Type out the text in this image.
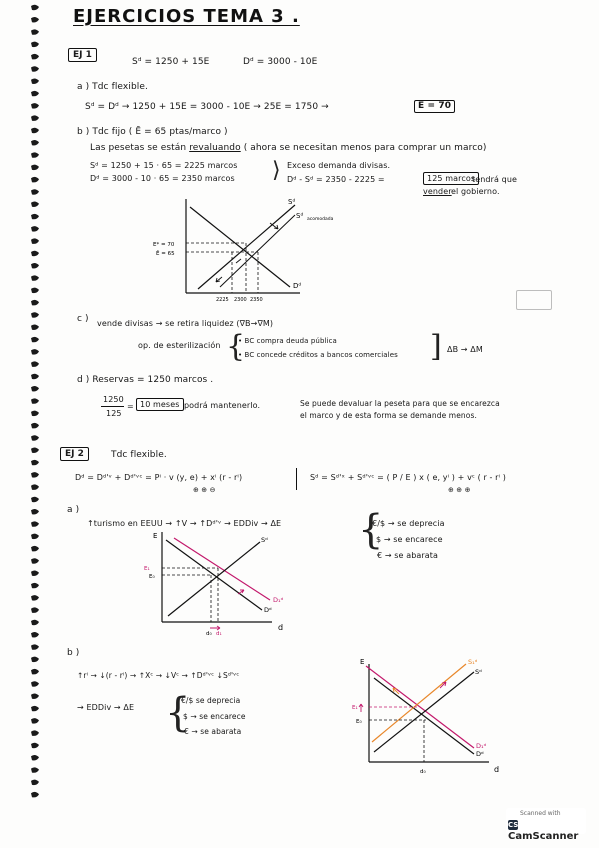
EJERCICIOS TEMA 3 .
EJ 1
Sᵈ = 1250 + 15E	Dᵈ = 3000 - 10E
a ) Tdc flexible.
Sᵈ = Dᵈ → 1250 + 15E = 3000 - 10E → 25E = 1750 →	E = 70
b ) Tdc fijo ( Ē = 65 ptas/marco )
Las pesetas se están revaluando ( ahora se necesitan menos para comprar un marco)
Sᵈ = 1250 + 15 · 65 = 2225 marcos
Dᵈ = 3000 - 10 · 65 = 2350 marcos ⟩ Exceso demanda divisas.
Dᵈ - Sᵈ = 2350 - 2225 =	125 marcos
tendrá que
vender el gobierno.
Sᵈ
Sᵈ acomodada
Dᵈ
E* = 70
Ē = 65
2225 2300 2350
c ) vende divisas → se retira liquidez (∇B→∇M)
op. de esterilización {
• BC compra deuda pública
• BC concede créditos a bancos comerciales ] ΔB → ΔM
d ) Reservas = 1250 marcos .
1250
125
= 10 meses podrá mantenerlo.	Se puede devaluar la peseta para que se encarezca
el marco y de esta forma se demande menos.
EJ 2	Tdc flexible.
Dᵈ = Dᵈ'ᵛ + Dᵈ'ᵛᶜ = Pⁱ · v (y, e) + xⁱ (r - rⁱ)
⊕ ⊕ ⊖
Sᵈ = Sᵈ'ˣ + Sᵈ'ᵛᶜ = ( P / E ) x ( e, yⁱ ) + vᶜ ( r - rⁱ )
⊕ ⊕ ⊕
a )
↑turismo en EEUU → ↑V → ↑Dᵈ'ᵛ → EDDiv → ΔE {
€/$ → se deprecia
$ → se encarece
€ → se abarata
E
d
Sᵈ
Dᵈ
D₁ᵈ
E₁
E₀
d₀ d₁
b )
↑rⁱ → ↓(r - rⁱ) → ↑Xᶜ → ↓Vᶜ → ↑Dᵈ'ᵛᶜ ↓Sᵈ'ᵛᶜ
→ EDDiv → ΔE {
€/$ se deprecia
$ → se encarece
€ → se abarata
E
d
Sᵈ
S₁ᵈ
Dᵈ
D₁ᵈ
E₁
E₀
d₀
Scanned with
CSCamScanner
